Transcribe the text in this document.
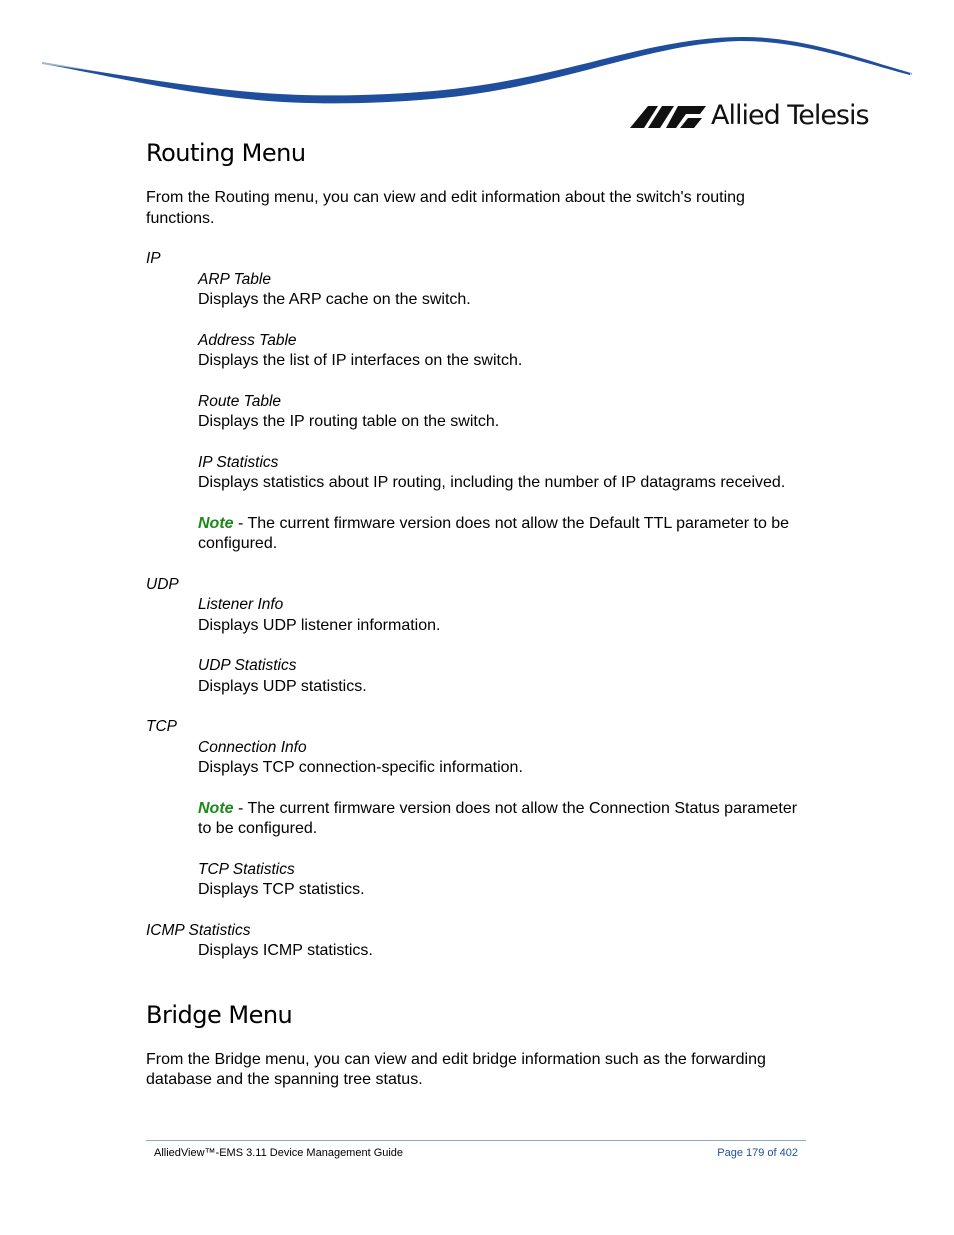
Allied Telesis
Routing Menu

From the Routing menu, you can view and edit information about the switch's routing functions.

IP
ARP Table

Displays the ARP cache on the switch.

Address Table

Displays the list of IP interfaces on the switch.

Route Table

Displays the IP routing table on the switch.

IP Statistics

Displays statistics about IP routing, including the number of IP datagrams received.

Note - The current firmware version does not allow the Default TTL parameter to be configured.
UDP
Listener Info

Displays UDP listener information.

UDP Statistics

Displays UDP statistics.

TCP
Connection Info

Displays TCP connection-specific information.

Note - The current firmware version does not allow the Connection Status parameter to be configured.
TCP Statistics

Displays TCP statistics.

ICMP Statistics

Displays ICMP statistics.

Bridge Menu

From the Bridge menu, you can view and edit bridge information such as the forwarding database and the spanning tree status.

AlliedView™-EMS 3.11 Device Management Guide	Page 179 of 402
